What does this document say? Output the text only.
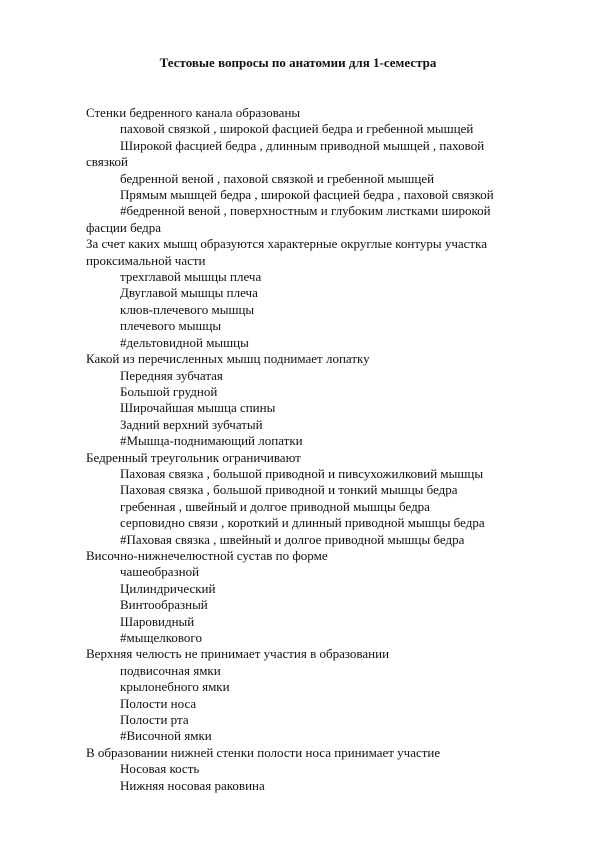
Тестовые вопросы по анатомии для 1-семестра

Стенки бедренного канала образованы

паховой связкой , широкой фасцией бедра и гребенной мышцей

Широкой фасцией бедра , длинным приводной мышцей , паховой связкой

бедренной веной , паховой связкой и гребенной мышцей

Прямым мышцей бедра , широкой фасцией бедра , паховой связкой

#бедренной веной , поверхностным и глубоким листками широкой фасции бедра

За счет каких мышц образуются характерные округлые контуры участка проксимальной части

трехглавой мышцы плеча

Двуглавой мышцы плеча

клюв-плечевого мышцы

плечевого мышцы

#дельтовидной мышцы

Какой из перечисленных мышц поднимает лопатку

Передняя зубчатая

Большой грудной

Широчайшая мышца спины

Задний верхний зубчатый

#Мышца-поднимающий лопатки

Бедренный треугольник ограничивают

Паховая связка , большой приводной и пивсухожилковий мышцы

Паховая связка , большой приводной и тонкий мышцы бедра

гребенная , швейный и долгое приводной мышцы бедра

серповидно связи , короткий и длинный приводной мышцы бедра

#Паховая связка , швейный и долгое приводной мышцы бедра

Височно-нижнечелюстной сустав по форме

чашеобразной

Цилиндрический

Винтообразный

Шаровидный

#мыщелкового

Верхняя челюсть не принимает участия в образовании

подвисочная ямки

крылонебного ямки

Полости носа

Полости рта

#Височной ямки

В образовании нижней стенки полости носа принимает участие

Носовая кость

Нижняя носовая раковина
